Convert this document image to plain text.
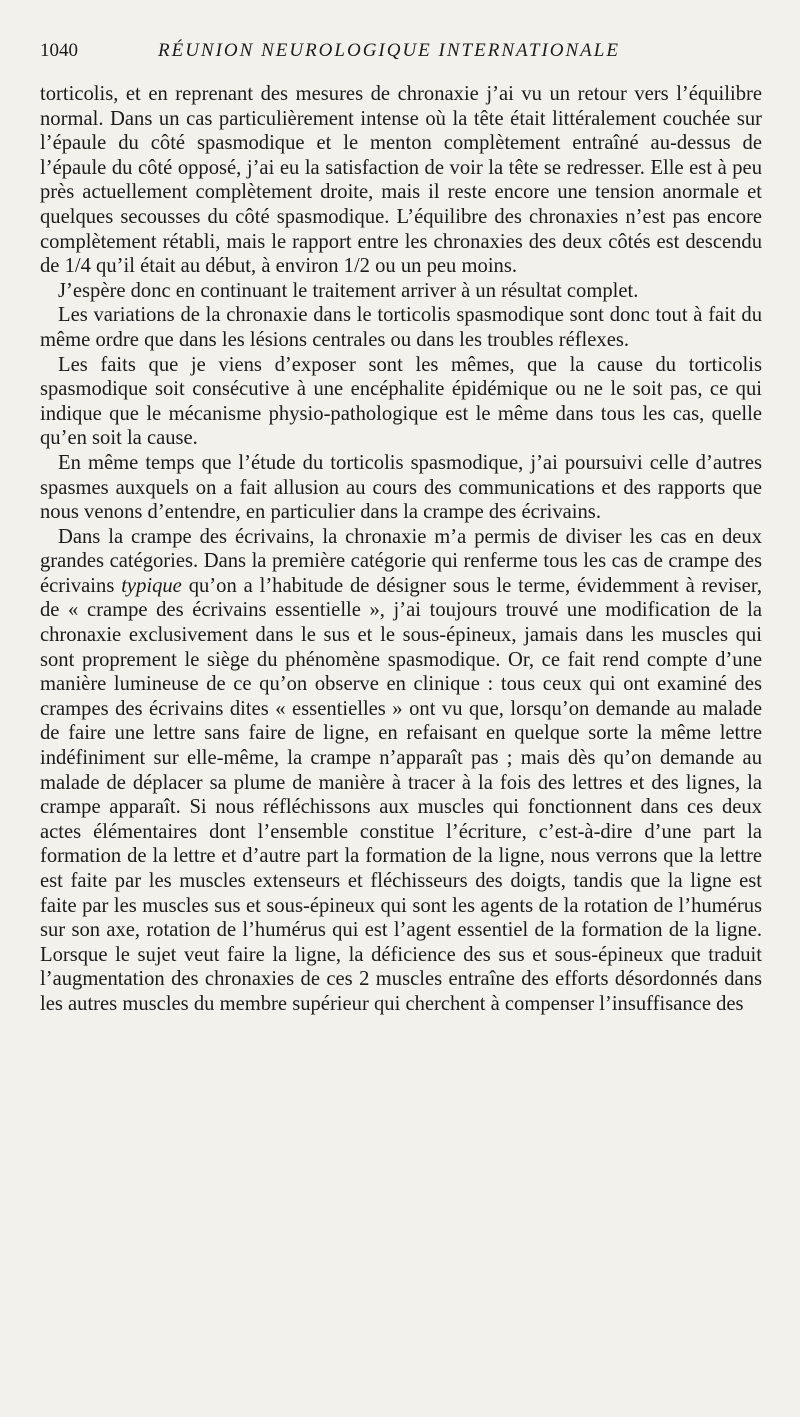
1040	RÉUNION NEUROLOGIQUE INTERNATIONALE

torticolis, et en reprenant des mesures de chronaxie j’ai vu un retour vers l’équilibre normal. Dans un cas particulièrement intense où la tête était littéralement couchée sur l’épaule du côté spasmodique et le menton complètement entraîné au-dessus de l’épaule du côté opposé, j’ai eu la satisfaction de voir la tête se redresser. Elle est à peu près actuellement complètement droite, mais il reste encore une tension anormale et quelques secousses du côté spasmodique. L’équilibre des chronaxies n’est pas encore complètement rétabli, mais le rapport entre les chronaxies des deux côtés est descendu de 1/4 qu’il était au début, à environ 1/2 ou un peu moins.

J’espère donc en continuant le traitement arriver à un résultat complet.

Les variations de la chronaxie dans le torticolis spasmodique sont donc tout à fait du même ordre que dans les lésions centrales ou dans les troubles réflexes.

Les faits que je viens d’exposer sont les mêmes, que la cause du torticolis spasmodique soit consécutive à une encéphalite épidémique ou ne le soit pas, ce qui indique que le mécanisme physio-pathologique est le même dans tous les cas, quelle qu’en soit la cause.

En même temps que l’étude du torticolis spasmodique, j’ai poursuivi celle d’autres spasmes auxquels on a fait allusion au cours des communications et des rapports que nous venons d’entendre, en particulier dans la crampe des écrivains.

Dans la crampe des écrivains, la chronaxie m’a permis de diviser les cas en deux grandes catégories. Dans la première catégorie qui renferme tous les cas de crampe des écrivains typique qu’on a l’habitude de désigner sous le terme, évidemment à reviser, de « crampe des écrivains essentielle », j’ai toujours trouvé une modification de la chronaxie exclusivement dans le sus et le sous-épineux, jamais dans les muscles qui sont proprement le siège du phénomène spasmodique. Or, ce fait rend compte d’une manière lumineuse de ce qu’on observe en clinique : tous ceux qui ont examiné des crampes des écrivains dites « essentielles » ont vu que, lorsqu’on demande au malade de faire une lettre sans faire de ligne, en refaisant en quelque sorte la même lettre indéfiniment sur elle-même, la crampe n’apparaît pas ; mais dès qu’on demande au malade de déplacer sa plume de manière à tracer à la fois des lettres et des lignes, la crampe apparaît. Si nous réfléchissons aux muscles qui fonctionnent dans ces deux actes élémentaires dont l’ensemble constitue l’écriture, c’est-à-dire d’une part la formation de la lettre et d’autre part la formation de la ligne, nous verrons que la lettre est faite par les muscles extenseurs et fléchisseurs des doigts, tandis que la ligne est faite par les muscles sus et sous-épineux qui sont les agents de la rotation de l’humérus sur son axe, rotation de l’humérus qui est l’agent essentiel de la formation de la ligne. Lorsque le sujet veut faire la ligne, la déficience des sus et sous-épineux que traduit l’augmentation des chronaxies de ces 2 muscles entraîne des efforts désordonnés dans les autres muscles du membre supérieur qui cherchent à compenser l’insuffisance des
